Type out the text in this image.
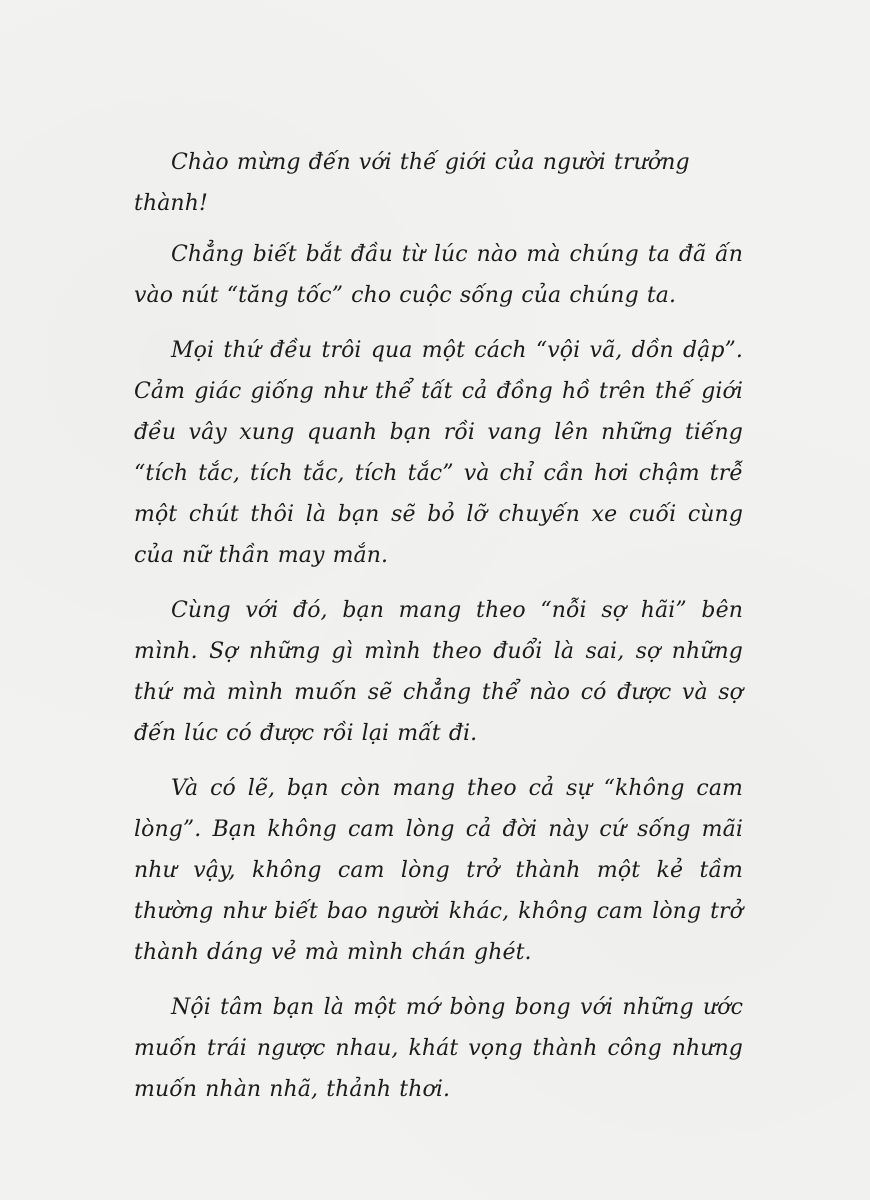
Chào mừng đến với thế giới của người trưởng thành!

Chẳng biết bắt đầu từ lúc nào mà chúng ta đã ấn vào nút “tăng tốc” cho cuộc sống của chúng ta.

Mọi thứ đều trôi qua một cách “vội vã, dồn dập”. Cảm giác giống như thể tất cả đồng hồ trên thế giới đều vây xung quanh bạn rồi vang lên những tiếng “tích tắc, tích tắc, tích tắc” và chỉ cần hơi chậm trễ một chút thôi là bạn sẽ bỏ lỡ chuyến xe cuối cùng của nữ thần may mắn.

Cùng với đó, bạn mang theo “nỗi sợ hãi” bên mình. Sợ những gì mình theo đuổi là sai, sợ những thứ mà mình muốn sẽ chẳng thể nào có được và sợ đến lúc có được rồi lại mất đi.

Và có lẽ, bạn còn mang theo cả sự “không cam lòng”. Bạn không cam lòng cả đời này cứ sống mãi như vậy, không cam lòng trở thành một kẻ tầm thường như biết bao người khác, không cam lòng trở thành dáng vẻ mà mình chán ghét.

Nội tâm bạn là một mớ bòng bong với những ước muốn trái ngược nhau, khát vọng thành công nhưng muốn nhàn nhã, thảnh thơi.
